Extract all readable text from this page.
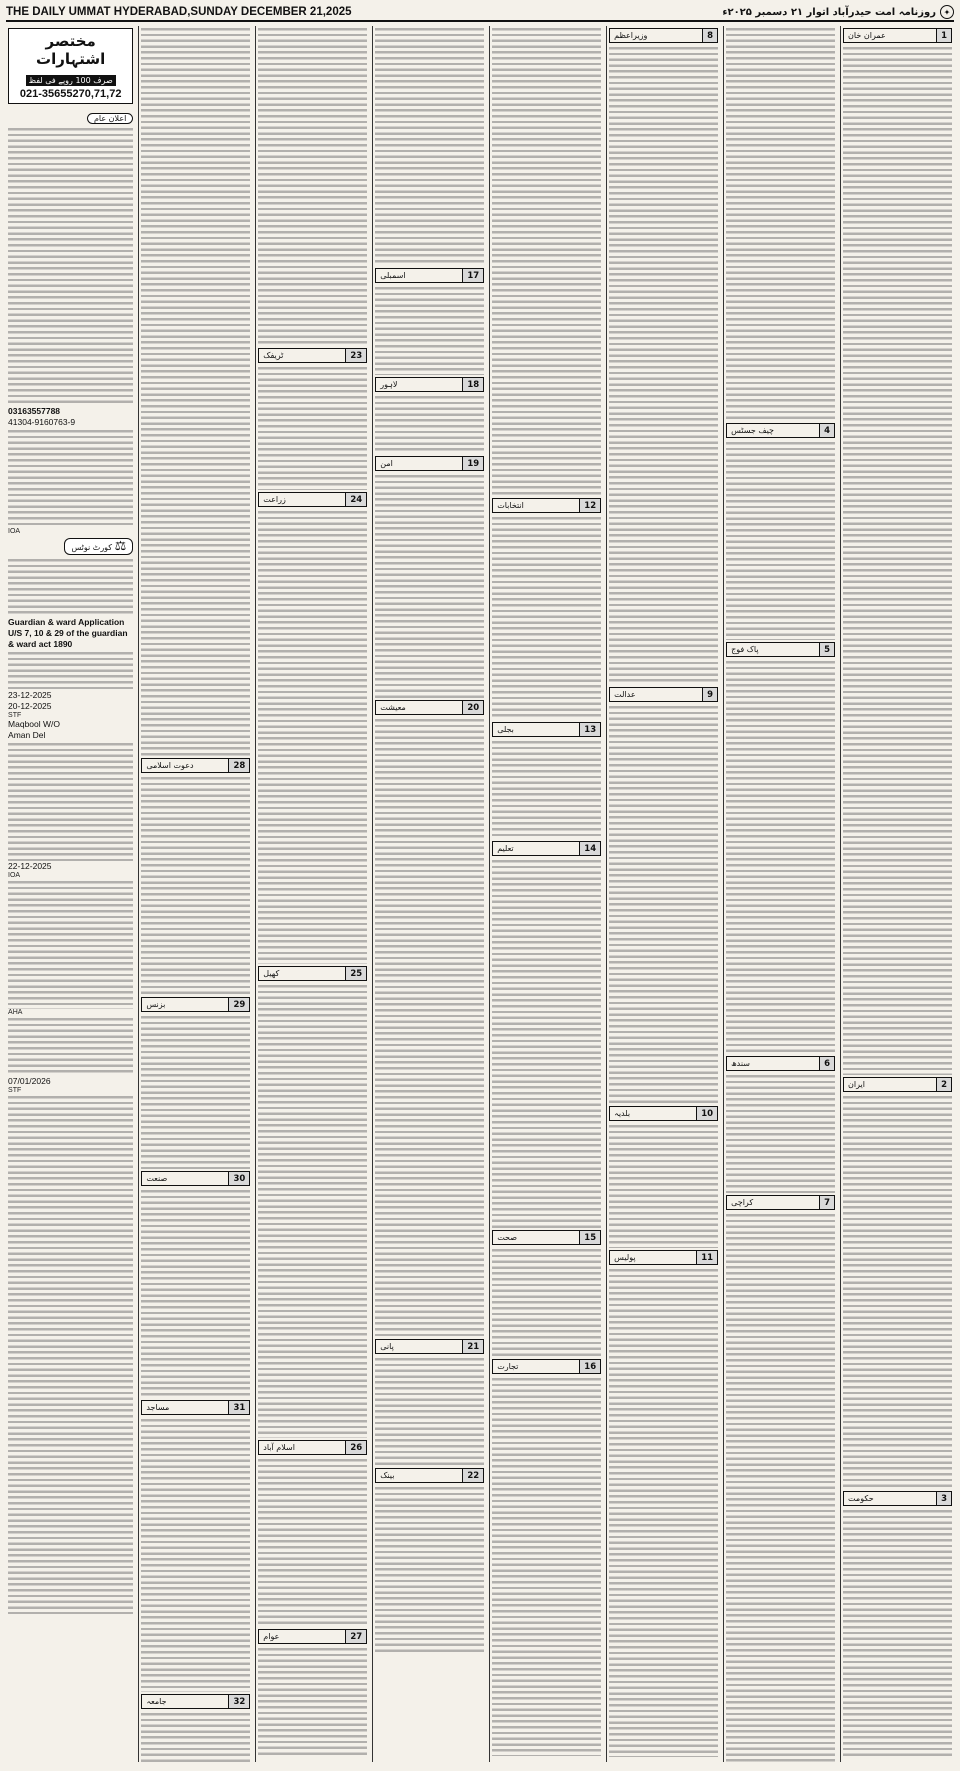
THE DAILY UMMAT HYDERABAD,SUNDAY DECEMBER 21,2025	✦
روزنامہ امت حیدرآباد اتوار ۲۱ دسمبر ۲۰۲۵ء
1
عمران خان
2
ایران
3
حکومت
4
چیف جسٹس
5
پاک فوج
6
سندھ
7
کراچی
8
وزیراعظم
9
عدالت
10
بلدیہ
11
پولیس
12
انتخابات
13
بجلی
14
تعلیم
15
صحت
16
تجارت
17
اسمبلی
18
لاہور
19
امن
20
معیشت
21
پانی
22
بینک
23
ٹریفک
24
زراعت
25
کھیل
26
اسلام آباد
27
عوام
28
دعوت اسلامی
29
بزنس
30
صنعت
31
مساجد
32
جامعہ
مختصر اشتہارات
صرف 100 روپے فی لفظ
021-35655270,71,72
اعلان عام
03163557788
41304-9160763-9
IOA
⚖ کورٹ نوٹس
Guardian & ward Application U/S 7, 10 & 29 of the guardian & ward act 1890
23-12-2025
20-12-2025
STF
Maqbool W/O
Aman Del
22-12-2025
IOA
AHA
07/01/2026
STF
